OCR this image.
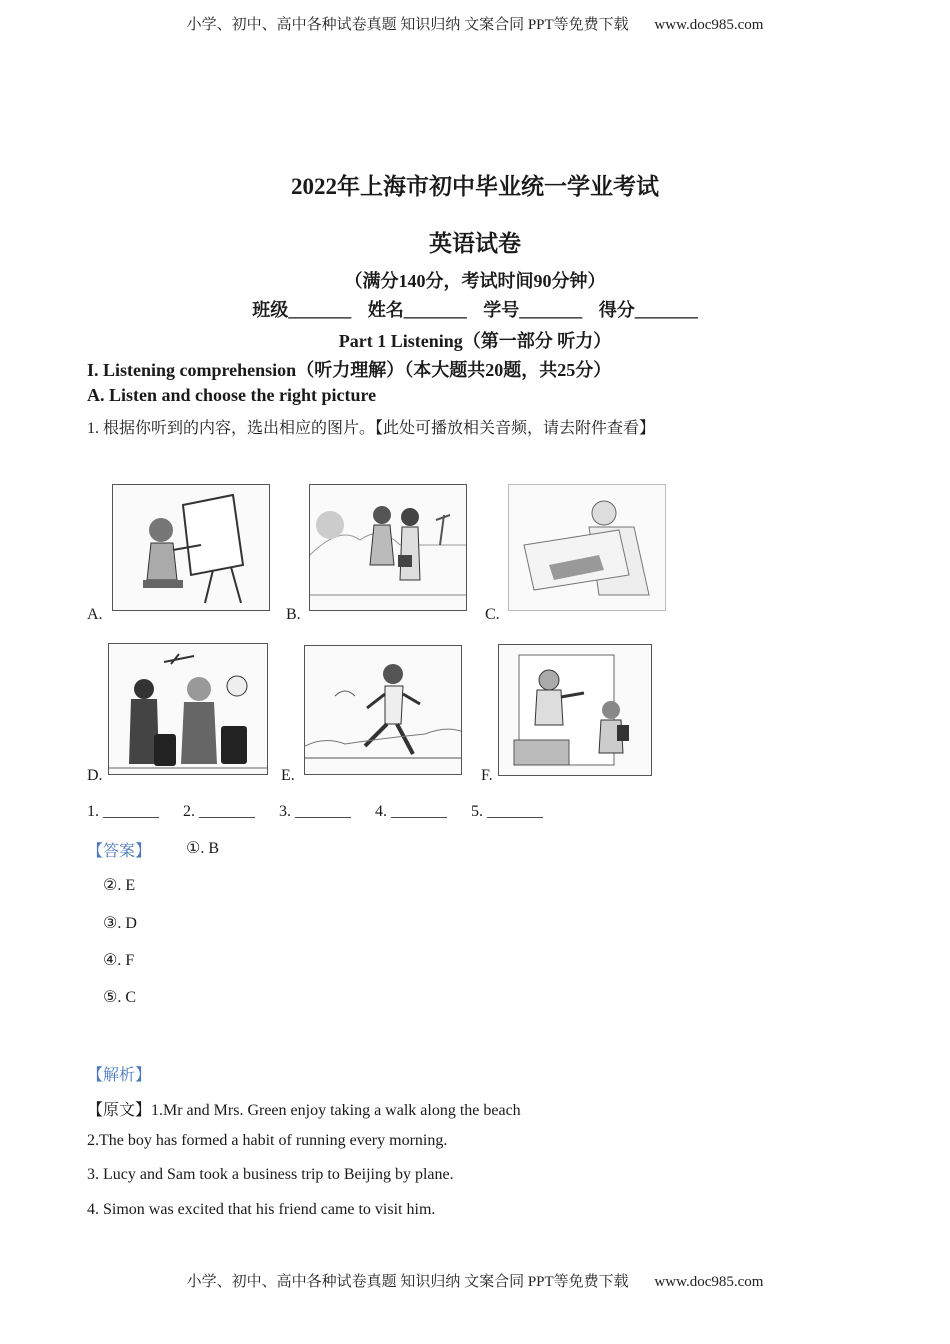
小学、初中、高中各种试卷真题 知识归纳 文案合同 PPT等免费下载 www.doc985.com
2022年上海市初中毕业统一学业考试
英语试卷
（满分140分，考试时间90分钟）
班级_______ 姓名_______ 学号_______ 得分_______
Part 1 Listening（第一部分 听力）
I. Listening comprehension（听力理解）（本大题共20题，共25分）
A. Listen and choose the right picture
1. 根据你听到的内容，选出相应的图片。【此处可播放相关音频，请去附件查看】
A.	B.	C.
D.	E.	F.
1. _______ 2. _______ 3. _______ 4. _______ 5. _______
【答案】 ①. B
②. E
③. D
④. F
⑤. C
【解析】
【原文】1.Mr and Mrs. Green enjoy taking a walk along the beach
2.The boy has formed a habit of running every morning.
3. Lucy and Sam took a business trip to Beijing by plane.
4. Simon was excited that his friend came to visit him.
小学、初中、高中各种试卷真题 知识归纳 文案合同 PPT等免费下载 www.doc985.com
